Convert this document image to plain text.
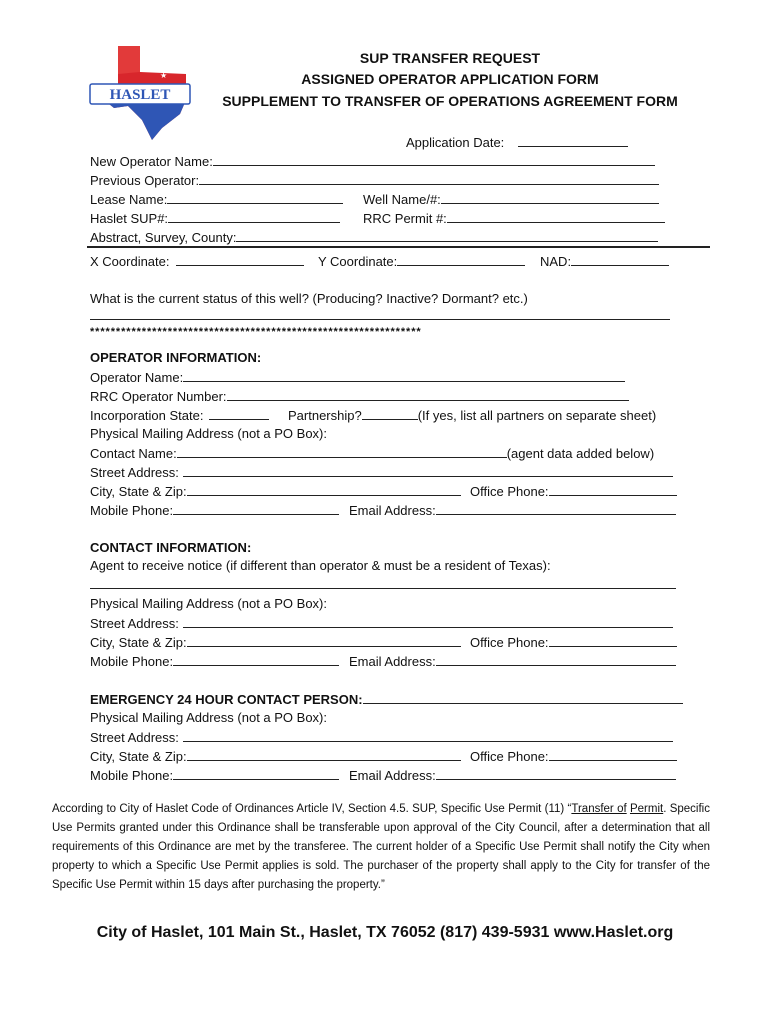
HASLET
★
SUP TRANSFER REQUEST
ASSIGNED OPERATOR APPLICATION FORM
SUPPLEMENT TO TRANSFER OF OPERATIONS AGREEMENT FORM
Application Date:
New Operator Name:
Previous Operator:
Lease Name:	Well Name/#:
Haslet SUP#:	RRC Permit #:
Abstract, Survey, County:
X Coordinate:	Y Coordinate:	NAD:
What is the current status of this well? (Producing? Inactive? Dormant? etc.)
****************************************************************
OPERATOR INFORMATION:
Operator Name:
RRC Operator Number:
Incorporation State:	Partnership?	(If yes, list all partners on separate sheet)
Physical Mailing Address (not a PO Box):
Contact Name:	(agent data added below)
Street Address:
City, State & Zip:	Office Phone:
Mobile Phone:	Email Address:
CONTACT INFORMATION:
Agent to receive notice (if different than operator & must be a resident of Texas):
Physical Mailing Address (not a PO Box):
Street Address:
City, State & Zip:	Office Phone:
Mobile Phone:	Email Address:
EMERGENCY 24 HOUR CONTACT PERSON:
Physical Mailing Address (not a PO Box):
Street Address:
City, State & Zip:	Office Phone:
Mobile Phone:	Email Address:
According to City of Haslet Code of Ordinances Article IV, Section 4.5. SUP, Specific Use Permit (11) “Transfer of Permit. Specific Use Permits granted under this Ordinance shall be transferable upon approval of the City Council, after a determination that all requirements of this Ordinance are met by the transferee. The current holder of a Specific Use Permit shall notify the City when property to which a Specific Use Permit applies is sold. The purchaser of the property shall apply to the City for transfer of the Specific Use Permit within 15 days after purchasing the property.”
City of Haslet, 101 Main St., Haslet, TX 76052 (817) 439-5931 www.Haslet.org
